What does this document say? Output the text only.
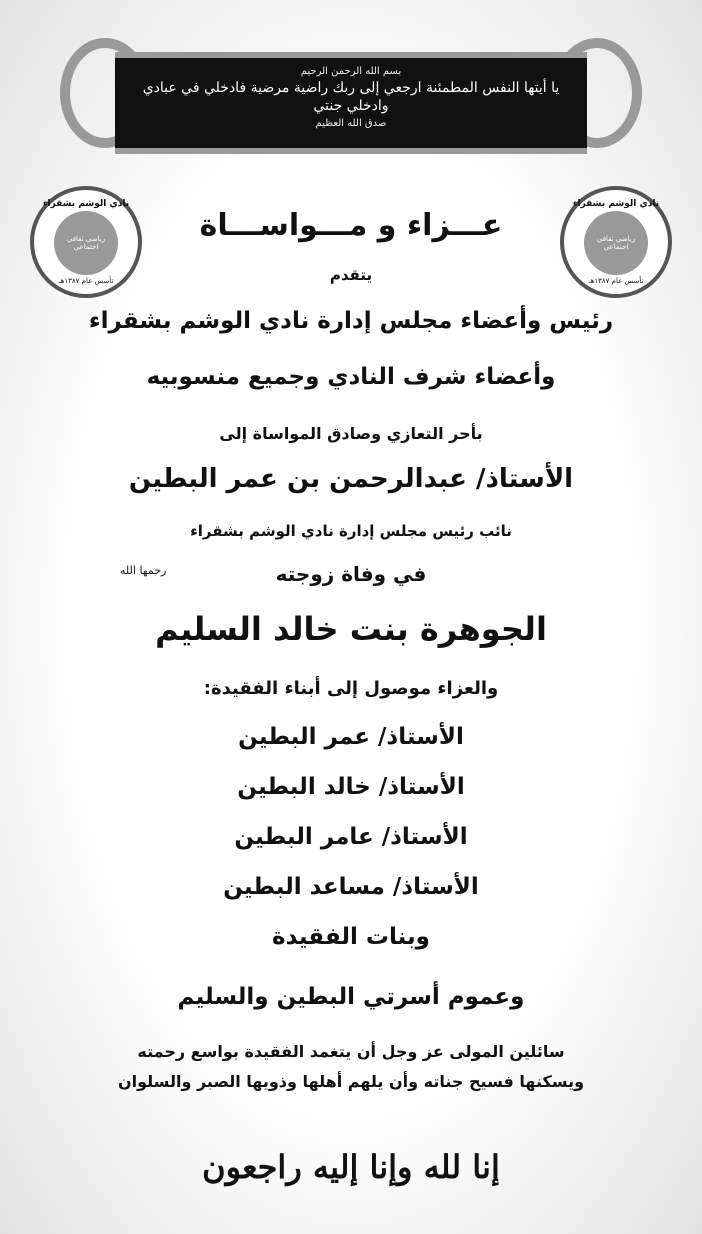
بسم الله الرحمن الرحيم
يا أيتها النفس المطمئنة ارجعي إلى ربك راضية مرضية فادخلي في عبادي وادخلي جنتي
صدق الله العظيم
نادي الوشم بشقراء
رياضي ثقافي اجتماعي
تأسس عام ١٣٨٧هـ
نادي الوشم بشقراء
رياضي ثقافي اجتماعي
تأسس عام ١٣٨٧هـ
عـــزاء و مـــواســـاة
يتقدم
رئيس وأعضاء مجلس إدارة نادي الوشم بشقراء
وأعضاء شرف النادي وجميع منسوبيه
بأحر التعازي وصادق المواساة إلى
الأستاذ/ عبدالرحمن بن عمر البطين
نائب رئيس مجلس إدارة نادي الوشم بشقراء
في وفاة زوجته
رحمها الله
الجوهرة بنت خالد السليم
والعزاء موصول إلى أبناء الفقيدة:
الأستاذ/ عمر البطين
الأستاذ/ خالد البطين
الأستاذ/ عامر البطين
الأستاذ/ مساعد البطين
وبنات الفقيدة
وعموم أسرتي البطين والسليم
سائلين المولى عز وجل أن يتغمد الفقيدة بواسع رحمته
ويسكنها فسيح جناته وأن يلهم أهلها وذويها الصبر والسلوان
إنا لله وإنا إليه راجعون
